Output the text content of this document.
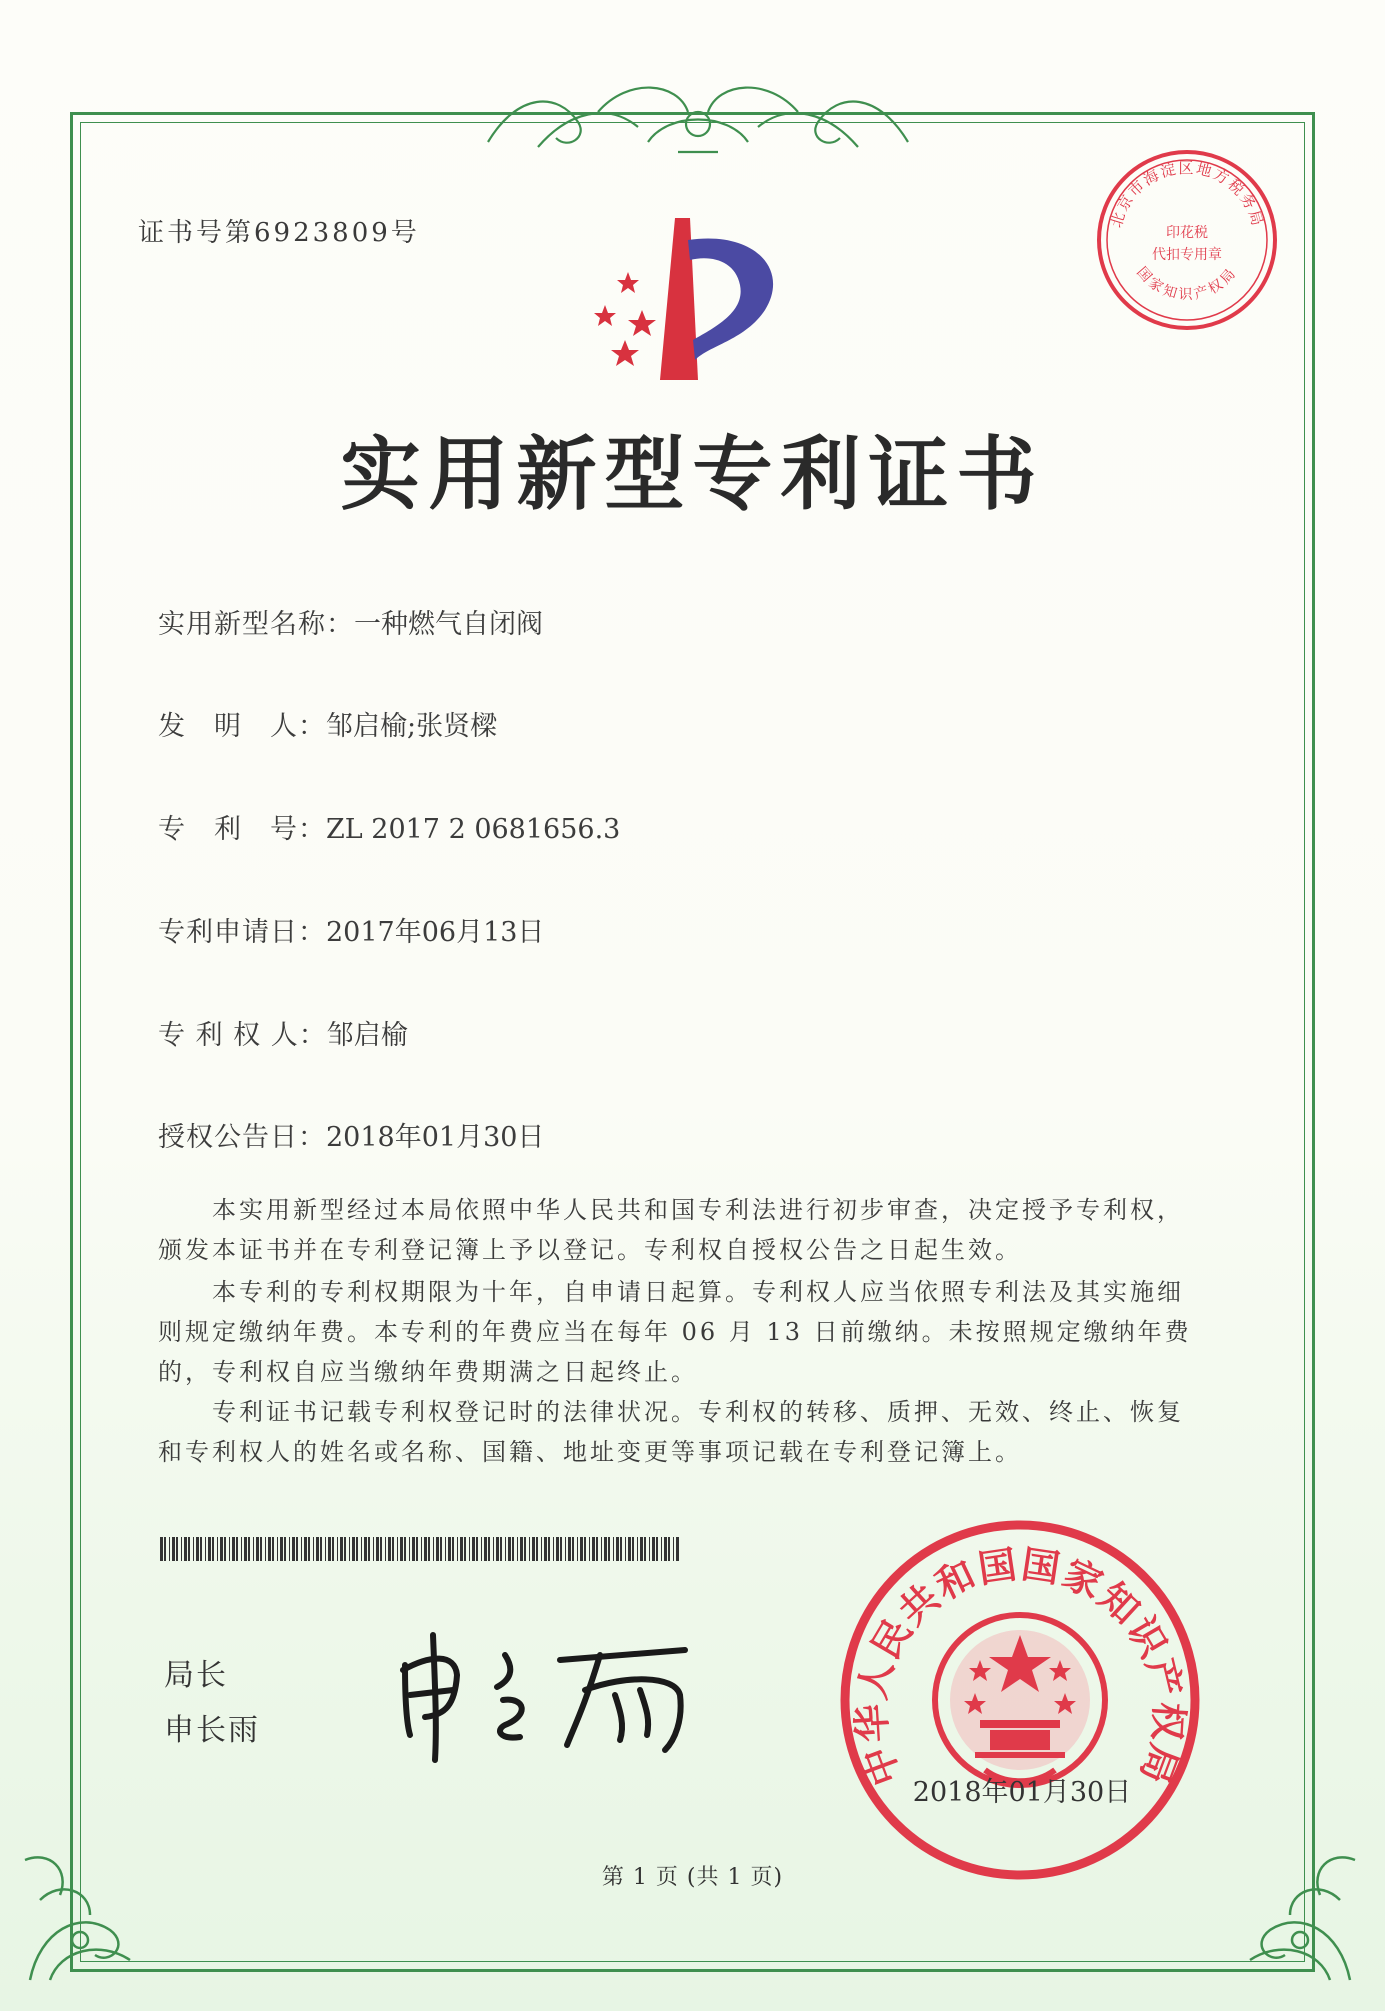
证书号第6923809号	北京市海淀区地方税务局
印花税
代扣专用章
国家知识产权局
实用新型专利证书
实用新型名称：一种燃气自闭阀
发　明　人：邹启榆;张贤樑
专　利　号：ZL 2017 2 0681656.3
专利申请日：2017年06月13日
专 利 权 人：邹启榆
授权公告日：2018年01月30日
本实用新型经过本局依照中华人民共和国专利法进行初步审查，决定授予专利权，颁发本证书并在专利登记簿上予以登记。专利权自授权公告之日起生效。
本专利的专利权期限为十年，自申请日起算。专利权人应当依照专利法及其实施细则规定缴纳年费。本专利的年费应当在每年 06 月 13 日前缴纳。未按照规定缴纳年费的，专利权自应当缴纳年费期满之日起终止。
专利证书记载专利权登记时的法律状况。专利权的转移、质押、无效、终止、恢复和专利权人的姓名或名称、国籍、地址变更等事项记载在专利登记簿上。
局长
申长雨
中华人民共和国国家知识产权局
2018年01月30日
第 1 页 (共 1 页)
